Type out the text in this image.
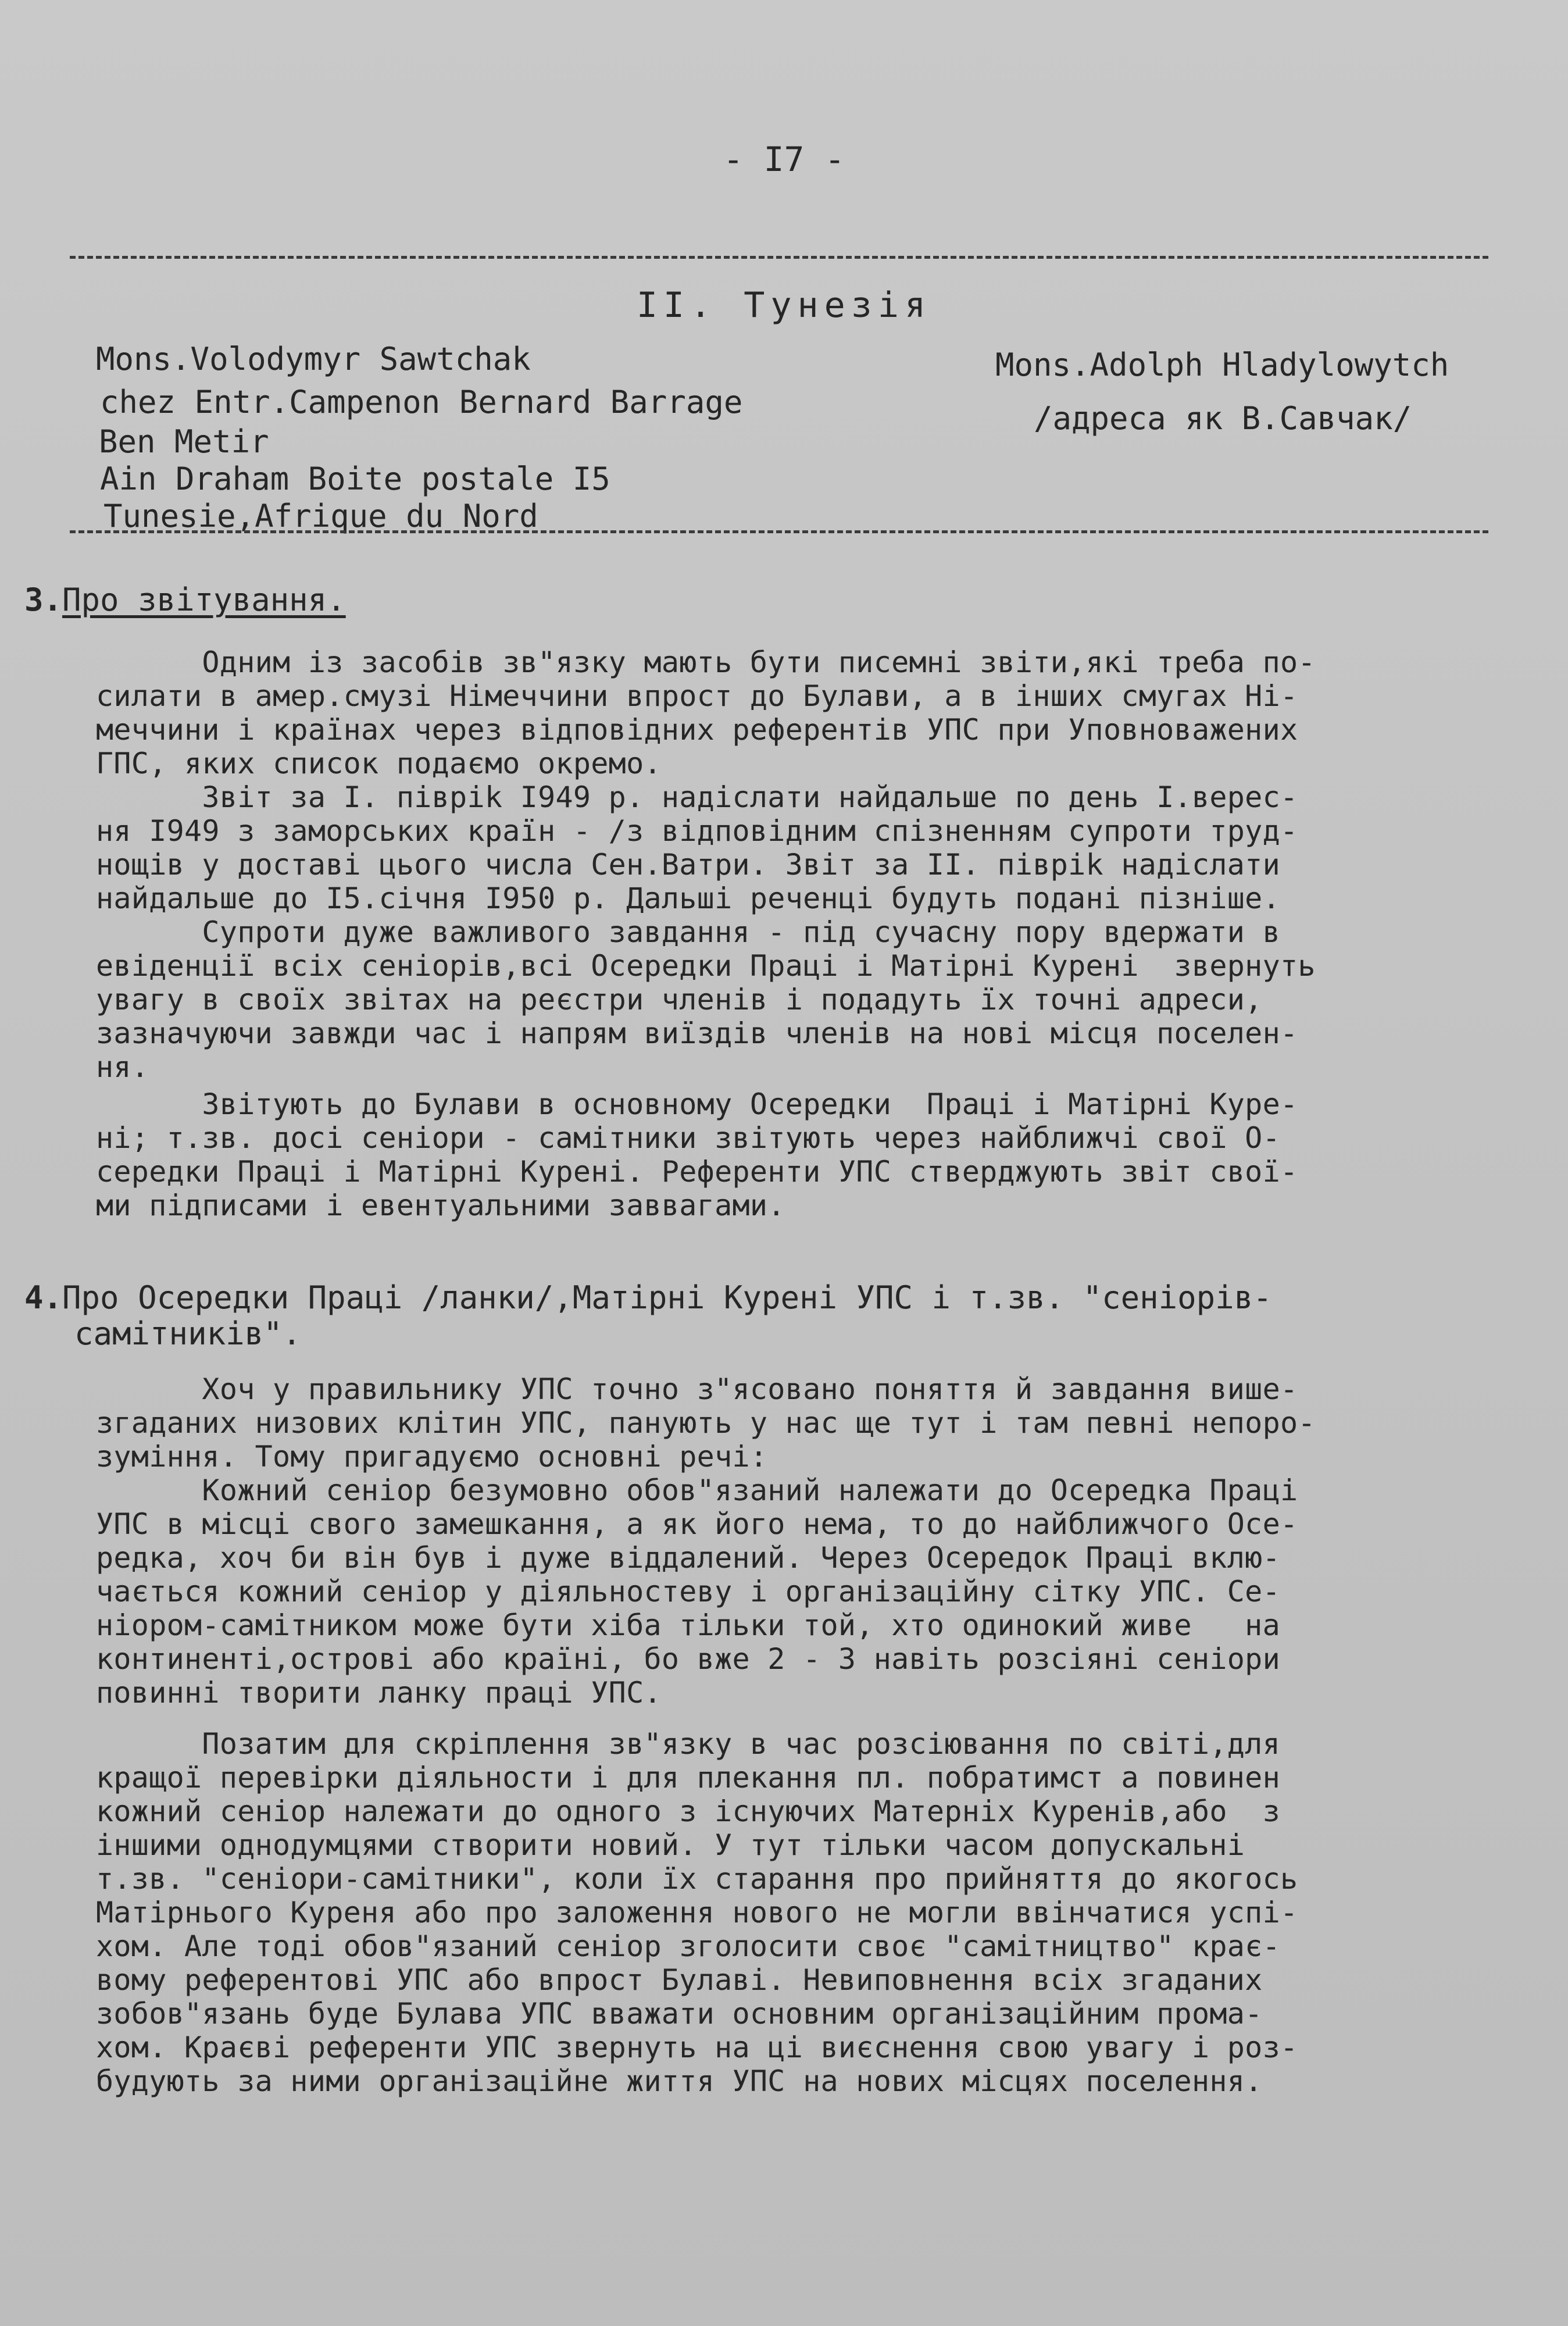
- I7 -
II. Тунезія
Mons.Volodymyr Sawtchak
chez Entr.Campenon Bernard Barrage
Ben Metir
Ain Draham Boite postale I5
Tunesie,Afrique du Nord
Mons.Adolph Hladylowytch
/адреса як В.Савчак/
3.Про звітування.
Одним із засобів зв"язку мають бути писемні звіти,які треба по-
силати в амер.смузі Німеччини впрост до Булави, а в інших смугах Ні-
меччини і країнах через відповідних референтів УПС при Уповноважених
ГПС, яких список подаємо окремо.
Звіт за I. півріk I949 р. надіслати найдальше по день I.верес-
ня I949 з заморських країн - /з відповідним спізненням супроти труд-
нощів у доставі цього числа Сен.Ватри. Звіт за II. півріk надіслати
найдальше до I5.січня I950 р. Дальші реченці будуть подані пізніше.
Супроти дуже важливого завдання - під сучасну пору вдержати в
евіденції всіх сеніорів,всі Осередки Праці і Матірні Курені  звернуть
увагу в своїх звітах на реєстри членів і подадуть їх точні адреси,
зазначуючи завжди час і напрям виїздів членів на нові місця поселен-
ня.
Звітують до Булави в основному Осередки  Праці і Матірні Куре-
ні; т.зв. досі сеніори - самітники звітують через найближчі свої О-
середки Праці і Матірні Курені. Референти УПС стверджують звіт свої-
ми підписами і евентуальними заввагами.
4.Про Осередки Праці /ланки/,Матірні Курені УПС і т.зв. "сеніорів-
самітників".
Хоч у правильнику УПС точно з"ясовано поняття й завдання више-
згаданих низових клітин УПС, панують у нас ще тут і там певні непоро-
зуміння. Тому пригадуємо основні речі:
Кожний сеніор безумовно обов"язаний належати до Осередка Праці
УПС в місці свого замешкання, а як його нема, то до найближчого Осе-
редка, хоч би він був і дуже віддалений. Через Осередок Праці вклю-
чається кожний сеніор у діяльностеву і організаційну сітку УПС. Се-
ніором-самітником може бути хіба тільки той, хто одинокий живе   на
континенті,острові або країні, бо вже 2 - 3 навіть розсіяні сеніори
повинні творити ланку праці УПС.
Позатим для скріплення зв"язку в час розсіювання по світі,для
кращої перевірки діяльности і для плекання пл. побратимст а повинен
кожний сеніор належати до одного з існуючих Матерніх Куренів,або  з
іншими однодумцями створити новий. У тут тільки часом допускальні
т.зв. "сеніори-самітники", коли їх старання про прийняття до якогось
Матірнього Куреня або про заложення нового не могли ввінчатися успі-
хом. Але тоді обов"язаний сеніор зголосити своє "самітництво" крає-
вому референтові УПС або впрост Булаві. Невиповнення всіх згаданих
зобов"язань буде Булава УПС вважати основним організаційним прома-
хом. Краєві референти УПС звернуть на ці виєснення свою увагу і роз-
будують за ними організаційне життя УПС на нових місцях поселення.
